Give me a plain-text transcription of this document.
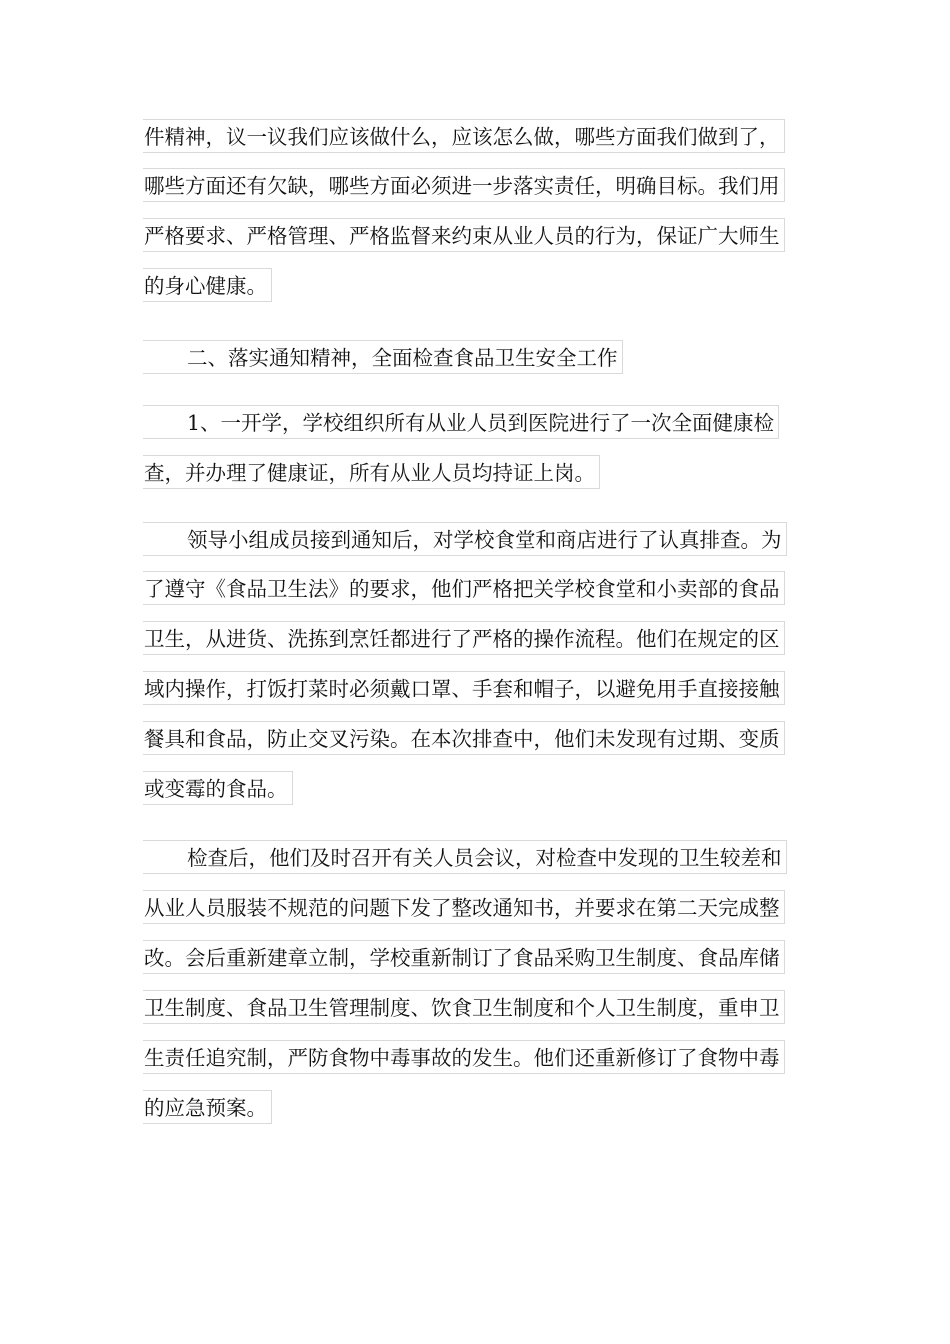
件精神，议一议我们应该做什么，应该怎么做，哪些方面我们做到了，
哪些方面还有欠缺，哪些方面必须进一步落实责任，明确目标。我们用
严格要求、严格管理、严格监督来约束从业人员的行为，保证广大师生
的身心健康。
二、落实通知精神，全面检查食品卫生安全工作
1、一开学，学校组织所有从业人员到医院进行了一次全面健康检
查，并办理了健康证，所有从业人员均持证上岗。
领导小组成员接到通知后，对学校食堂和商店进行了认真排查。为
了遵守《食品卫生法》的要求，他们严格把关学校食堂和小卖部的食品
卫生，从进货、洗拣到烹饪都进行了严格的操作流程。他们在规定的区
域内操作，打饭打菜时必须戴口罩、手套和帽子，以避免用手直接接触
餐具和食品，防止交叉污染。在本次排查中，他们未发现有过期、变质
或变霉的食品。
检查后，他们及时召开有关人员会议，对检查中发现的卫生较差和
从业人员服装不规范的问题下发了整改通知书，并要求在第二天完成整
改。会后重新建章立制，学校重新制订了食品采购卫生制度、食品库储
卫生制度、食品卫生管理制度、饮食卫生制度和个人卫生制度，重申卫
生责任追究制，严防食物中毒事故的发生。他们还重新修订了食物中毒
的应急预案。
